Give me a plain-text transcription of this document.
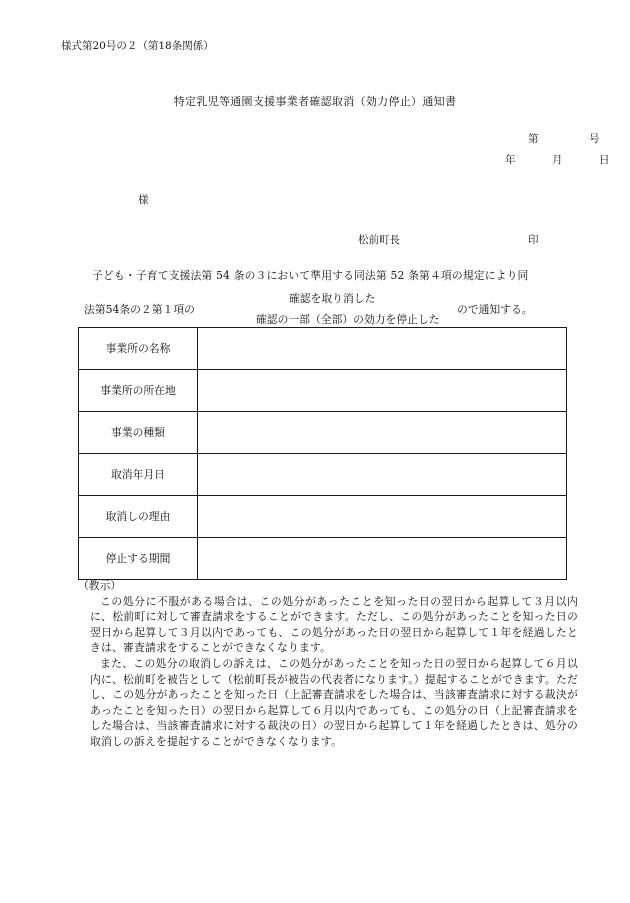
様式第20号の２（第18条関係）
特定乳児等通園支援事業者確認取消（効力停止）通知書
第　号
年　月　日
様
松前町長	印
子ども・子育て支援法第 54 条の３において準用する同法第 52 条第４項の規定により同
法第54条の２第１項の
確認を取り消した
確認の一部（全部）の効力を停止した
ので通知する。
事業所の名称	
事業所の所在地	
事業の種類	
取消年月日	
取消しの理由	
停止する期間	
（教示）

この処分に不服がある場合は、この処分があったことを知った日の翌日から起算して３月以内に、松前町に対して審査請求をすることができます。ただし、この処分があったことを知った日の翌日から起算して３月以内であっても、この処分があった日の翌日から起算して１年を経過したときは、審査請求をすることができなくなります。

また、この処分の取消しの訴えは、この処分があったことを知った日の翌日から起算して６月以内に、松前町を被告として（松前町長が被告の代表者になります。）提起することができます。ただし、この処分があったことを知った日（上記審査請求をした場合は、当該審査請求に対する裁決があったことを知った日）の翌日から起算して６月以内であっても、この処分の日（上記審査請求をした場合は、当該審査請求に対する裁決の日）の翌日から起算して１年を経過したときは、処分の取消しの訴えを提起することができなくなります。
